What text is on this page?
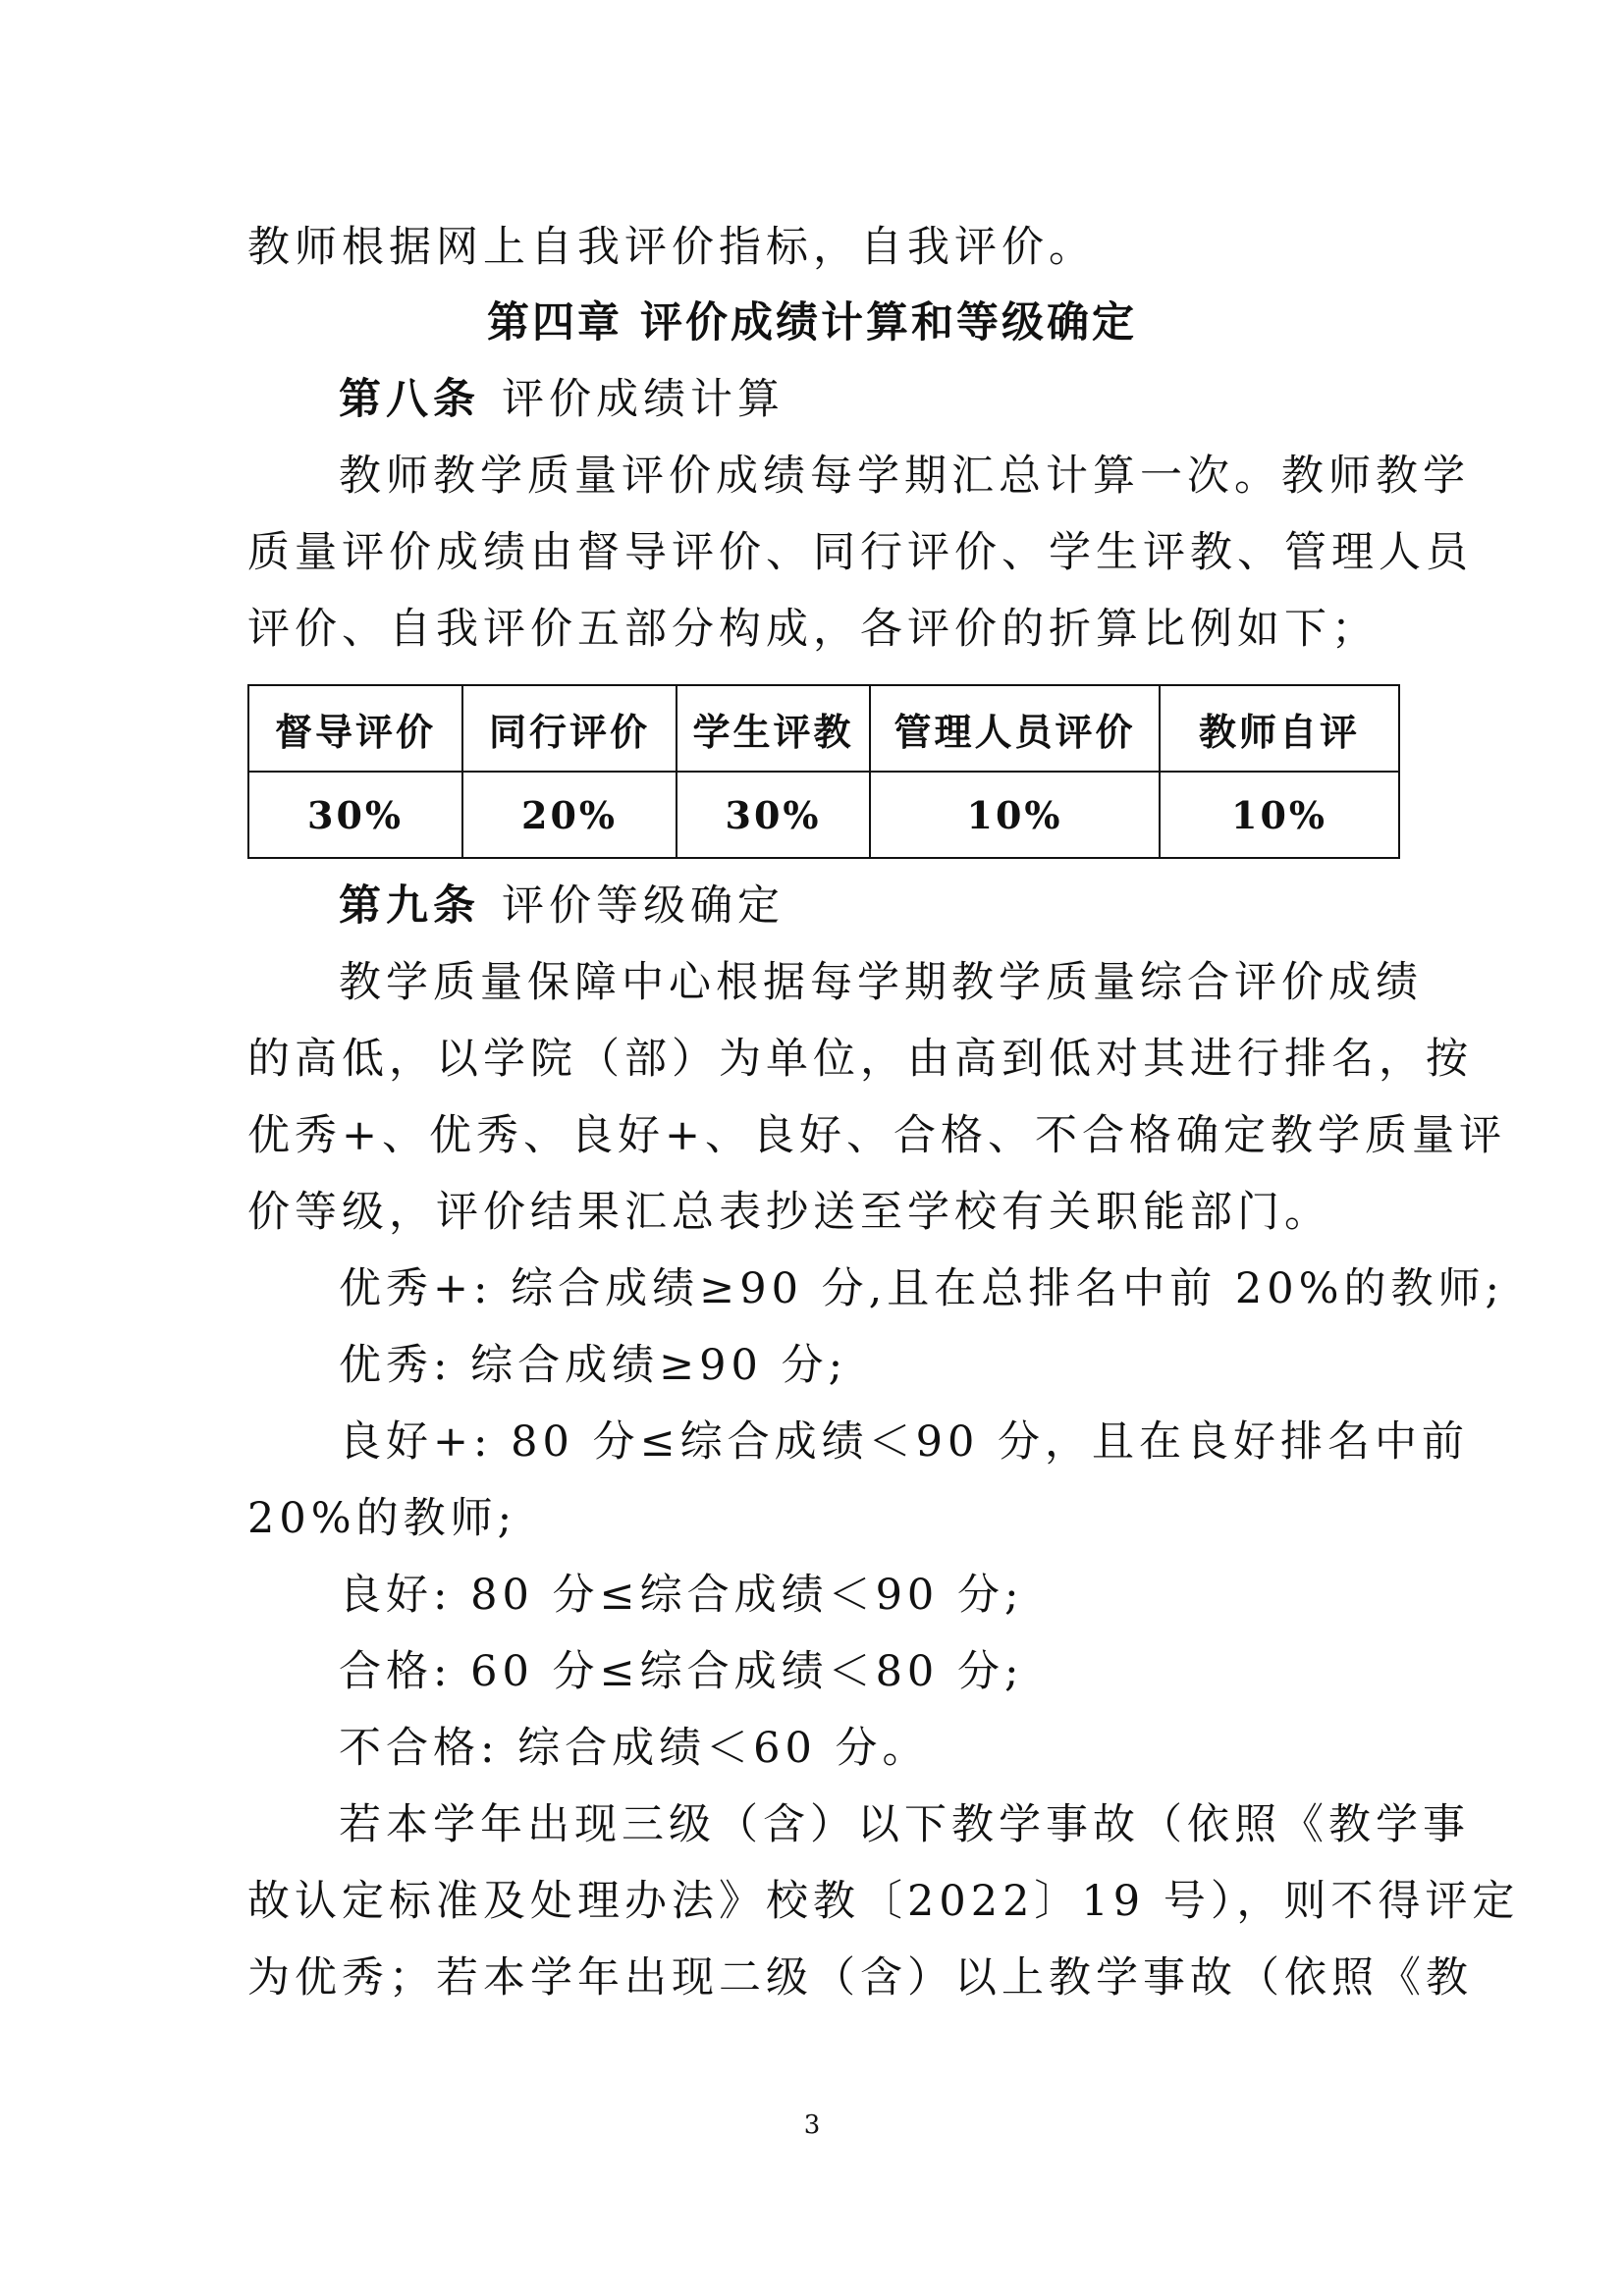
教师根据网上自我评价指标，自我评价。
第四章 评价成绩计算和等级确定
第八条 评价成绩计算
教师教学质量评价成绩每学期汇总计算一次。教师教学
质量评价成绩由督导评价、同行评价、学生评教、管理人员
评价、自我评价五部分构成，各评价的折算比例如下；
督导评价	同行评价	学生评教	管理人员评价	教师自评
30%	20%	30%	10%	10%
第九条 评价等级确定
教学质量保障中心根据每学期教学质量综合评价成绩
的高低，以学院（部）为单位，由高到低对其进行排名，按
优秀+、优秀、良好+、良好、合格、不合格确定教学质量评
价等级，评价结果汇总表抄送至学校有关职能部门。
优秀+: 综合成绩≥90 分,且在总排名中前 20%的教师;
优秀: 综合成绩≥90 分;
良好+: 80 分≤综合成绩＜90 分，且在良好排名中前
20%的教师;
良好: 80 分≤综合成绩＜90 分;
合格: 60 分≤综合成绩＜80 分;
不合格: 综合成绩＜60 分。
若本学年出现三级（含）以下教学事故（依照《教学事
故认定标准及处理办法》校教〔2022〕19 号），则不得评定
为优秀；若本学年出现二级（含）以上教学事故（依照《教
3
